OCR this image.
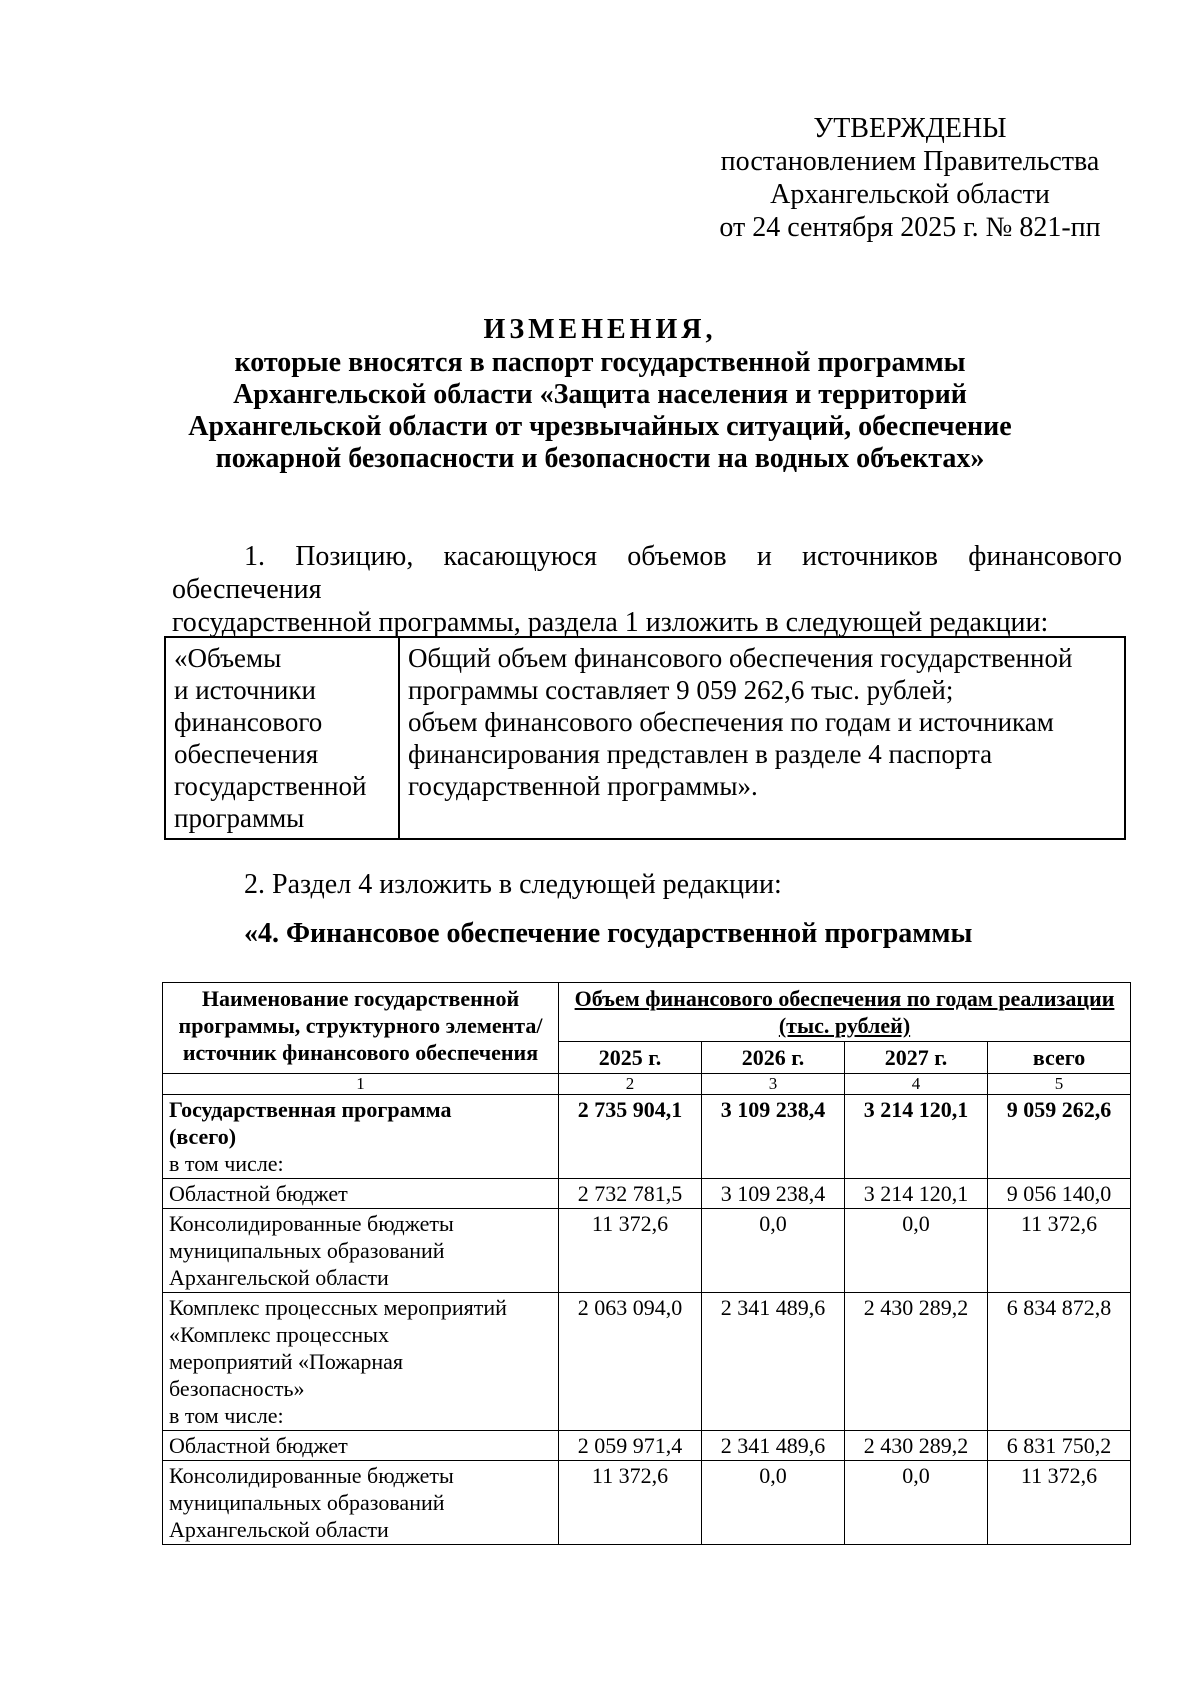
УТВЕРЖДЕНЫ
постановлением Правительства
Архангельской области
от 24 сентября 2025 г. № 821-пп
ИЗМЕНЕНИЯ,
которые вносятся в паспорт государственной программы
Архангельской области «Защита населения и территорий
Архангельской области от чрезвычайных ситуаций, обеспечение
пожарной безопасности и безопасности на водных объектах»
1. Позицию, касающуюся объемов и источников финансового обеспечения
государственной программы, раздела 1 изложить в следующей редакции:
«Объемы
и источники
финансового
обеспечения
государственной
программы

Общий объем финансового обеспечения государственной
программы составляет 9 059 262,6 тыс. рублей;
объем финансового обеспечения по годам и источникам
финансирования представлен в разделе 4 паспорта
государственной программы».
2. Раздел 4 изложить в следующей редакции:
«4. Финансовое обеспечение государственной программы
Наименование государственной программы, структурного элемента/источник финансового обеспечения	Объем финансового обеспечения по годам реализации (тыс. рублей)			
	2025 г.	2026 г.	2027 г.	всего
1	2	3	4	5

Государственная программа
(всего)
в том числе:	2 735 904,1	3 109 238,4	3 214 120,1	9 059 262,6
Областной бюджет	2 732 781,5	3 109 238,4	3 214 120,1	9 056 140,0

Консолидированные бюджеты
муниципальных образований
Архангельской области	11 372,6	0,0	0,0	11 372,6

Комплекс процессных мероприятий
«Комплекс процессных
мероприятий «Пожарная
безопасность»
в том числе:	2 063 094,0	2 341 489,6	2 430 289,2	6 834 872,8
Областной бюджет	2 059 971,4	2 341 489,6	2 430 289,2	6 831 750,2

Консолидированные бюджеты
муниципальных образований
Архангельской области	11 372,6	0,0	0,0	11 372,6
